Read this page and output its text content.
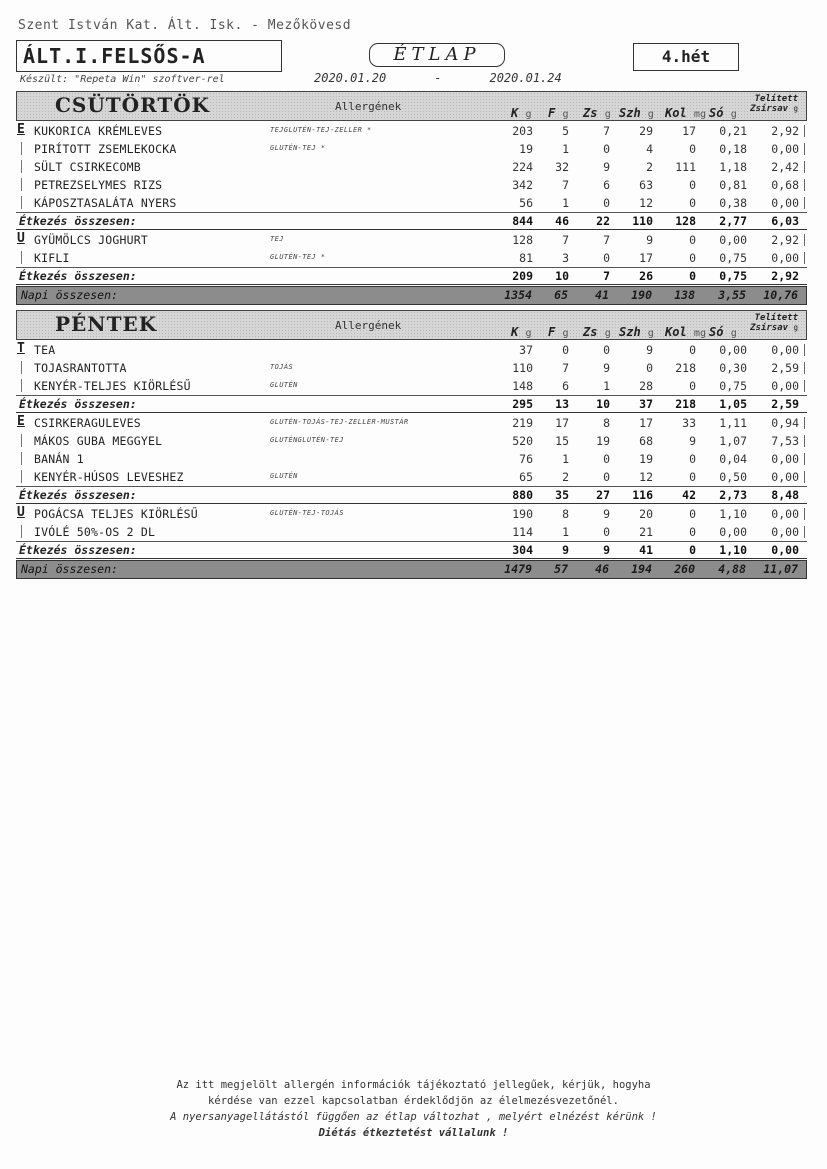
Szent István Kat. Ált. Isk. - Mezőkövesd
ÁLT.I.FELSŐS-A	ÉTLAP	4.hét
Készült: "Repeta Win" szoftver-rel	2020.01.20	-	2020.01.24
CSÜTÖRTÖK	Allergének	K g F g Zs g Szh g Kol mg Só g
Telített
Zsírsav g
E KUKORICA KRÉMLEVES	TEJGLUTÉN-TEJ-ZELLER *	203	5	7	29	17 0,21 2,92
PIRÍTOTT ZSEMLEKOCKA	GLUTÉN-TEJ *	19	1	0	4	0 0,18 0,00
SÜLT CSIRKECOMB	224 32	9	2 111 1,18 2,42
PETREZSELYMES RIZS	342	7	6	63	0 0,81 0,68
KÁPOSZTASALÁTA NYERS	56	1	0	12	0 0,38 0,00
Étkezés összesen:	844 46 22 110 128 2,77 6,03
U GYÜMÖLCS JOGHURT	TEJ	128	7	7	9	0 0,00 2,92
KIFLI	GLUTÉN-TEJ *	81	3	0	17	0 0,75 0,00
Étkezés összesen:	209 10	7	26	0 0,75 2,92
Napi összesen:	1354 65 41 190 138 3,55 10,76
PÉNTEK	Allergének	K g F g Zs g Szh g Kol mg Só g
Telített
Zsírsav g
T TEA	37	0	0	9	0 0,00 0,00
TOJASRANTOTTA	TOJÁS	110	7	9	0 218 0,30 2,59
KENYÉR-TELJES KIÖRLÉSŰ	GLUTÉN	148	6	1	28	0 0,75 0,00
Étkezés összesen:	295 13 10	37 218 1,05 2,59
E CSIRKERAGULEVES	GLUTÉN-TOJÁS-TEJ-ZELLER-MUSTÁR	219 17	8	17	33 1,11 0,94
MÁKOS GUBA MEGGYEL	GLUTÉNGLUTÉN-TEJ	520 15 19	68	9 1,07 7,53
BANÁN 1	76	1	0	19	0 0,04 0,00
KENYÉR-HÚSOS LEVESHEZ	GLUTÉN	65	2	0	12	0 0,50 0,00
Étkezés összesen:	880 35 27 116	42 2,73 8,48
U POGÁCSA TELJES KIÖRLÉSŰ	GLUTÉN-TEJ-TOJÁS	190	8	9	20	0 1,10 0,00
IVÓLÉ 50%-OS 2 DL	114	1	0	21	0 0,00 0,00
Étkezés összesen:	304	9	9	41	0 1,10 0,00
Napi összesen:	1479 57 46 194 260 4,88 11,07
Az itt megjelölt allergén információk tájékoztató jellegűek, kérjük, hogyha
kérdése van ezzel kapcsolatban érdeklődjön az élelmezésvezetőnél.
A nyersanyagellátástól függően az étlap változhat , melyért elnézést kérünk !
Diétás étkeztetést vállalunk !
